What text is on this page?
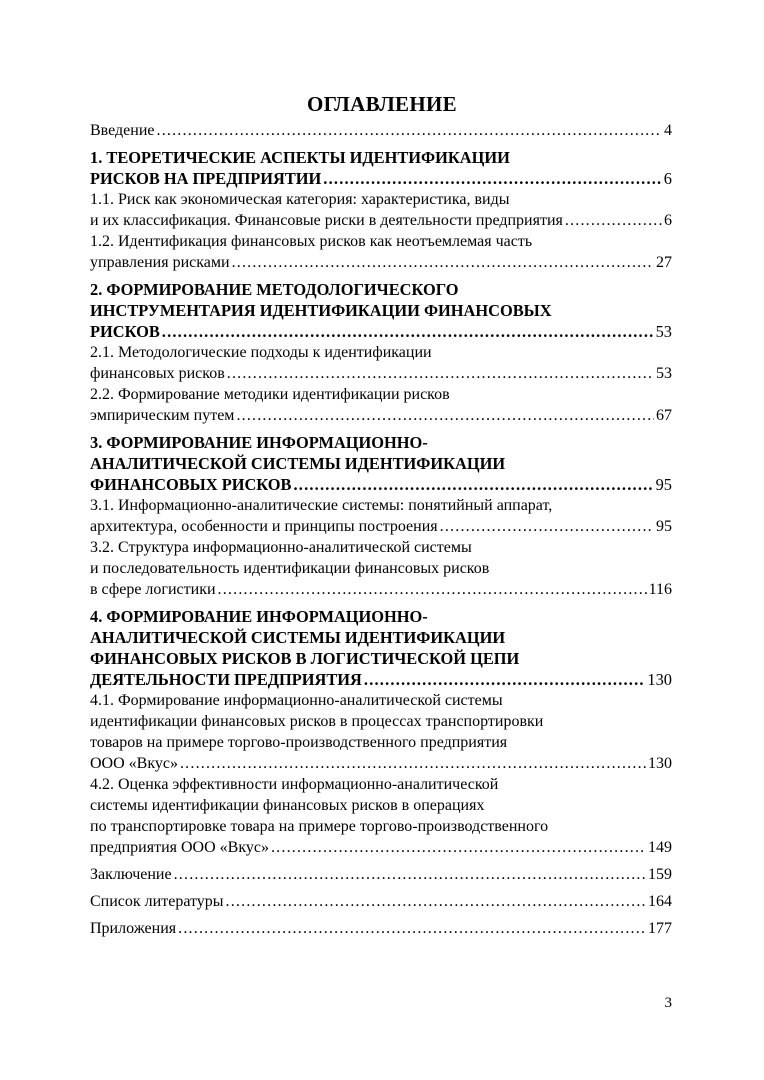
ОГЛАВЛЕНИЕ
Введение .....	4
1. ТЕОРЕТИЧЕСКИЕ АСПЕКТЫ ИДЕНТИФИКАЦИИ
РИСКОВ НА ПРЕДПРИЯТИИ .....	6
1.1. Риск как экономическая категория: характеристика, виды
и их классификация. Финансовые риски в деятельности предприятия .....	6
1.2. Идентификация финансовых рисков как неотъемлемая часть
управления рисками .....	27
2. ФОРМИРОВАНИЕ МЕТОДОЛОГИЧЕСКОГО
ИНСТРУМЕНТАРИЯ ИДЕНТИФИКАЦИИ ФИНАНСОВЫХ
РИСКОВ .....	53
2.1. Методологические подходы к идентификации
финансовых рисков .....	53
2.2. Формирование методики идентификации рисков
эмпирическим путем .....	67
3. ФОРМИРОВАНИЕ ИНФОРМАЦИОННО-
АНАЛИТИЧЕСКОЙ СИСТЕМЫ ИДЕНТИФИКАЦИИ
ФИНАНСОВЫХ РИСКОВ .....	95
3.1. Информационно-аналитические системы: понятийный аппарат,
архитектура, особенности и принципы построения .....	95
3.2. Структура информационно-аналитической системы
и последовательность идентификации финансовых рисков
в сфере логистики .....	116
4. ФОРМИРОВАНИЕ ИНФОРМАЦИОННО-
АНАЛИТИЧЕСКОЙ СИСТЕМЫ ИДЕНТИФИКАЦИИ
ФИНАНСОВЫХ РИСКОВ В ЛОГИСТИЧЕСКОЙ ЦЕПИ
ДЕЯТЕЛЬНОСТИ ПРЕДПРИЯТИЯ .....	130
4.1. Формирование информационно-аналитической системы
идентификации финансовых рисков в процессах транспортировки
товаров на примере торгово-производственного предприятия
ООО «Вкус» .....	130
4.2. Оценка эффективности информационно-аналитической
системы идентификации финансовых рисков в операциях
по транспортировке товара на примере торгово-производственного
предприятия ООО «Вкус» .....	149
Заключение .....	159
Список литературы .....	164
Приложения .....	177
3
